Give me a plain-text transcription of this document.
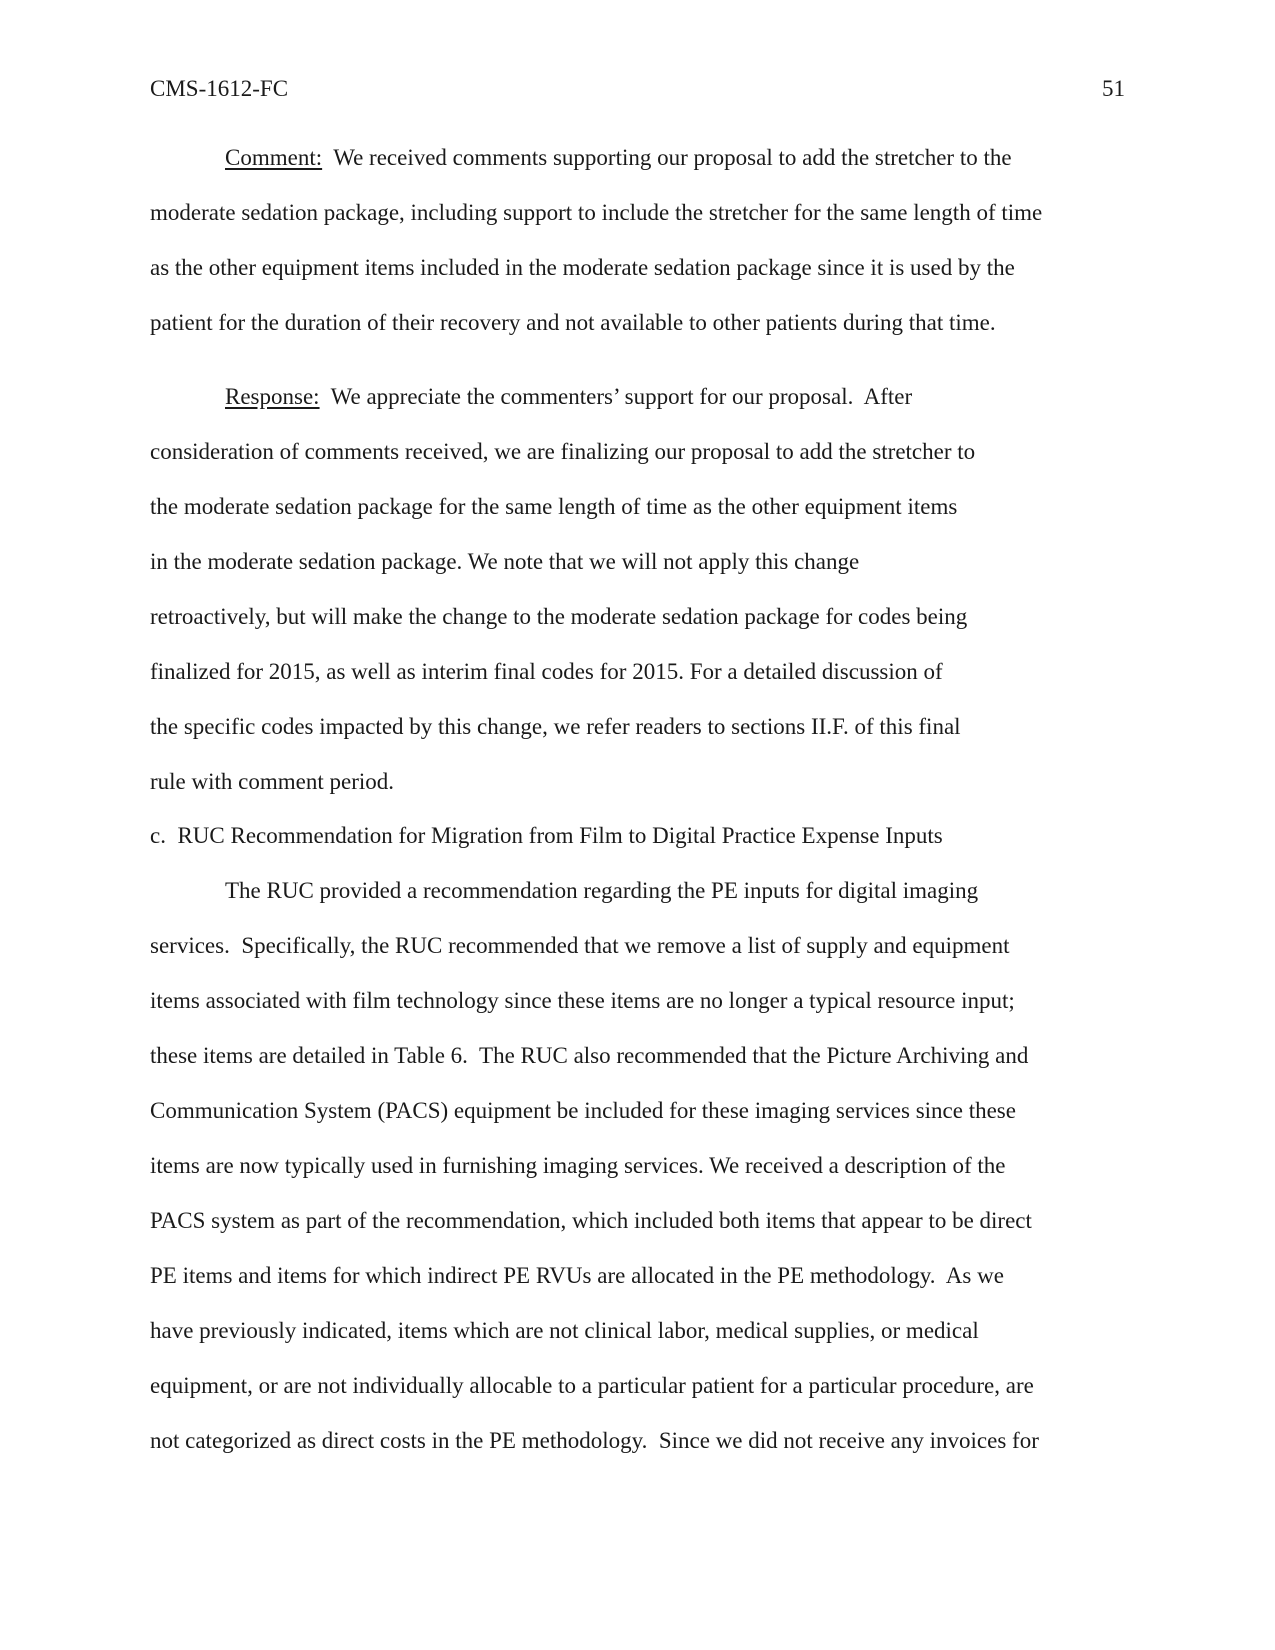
CMS-1612-FC	51
Comment:  We received comments supporting our proposal to add the stretcher to the
moderate sedation package, including support to include the stretcher for the same length of time
as the other equipment items included in the moderate sedation package since it is used by the
patient for the duration of their recovery and not available to other patients during that time.
Response:  We appreciate the commenters’ support for our proposal.  After
consideration of comments received, we are finalizing our proposal to add the stretcher to
the moderate sedation package for the same length of time as the other equipment items
in the moderate sedation package. We note that we will not apply this change
retroactively, but will make the change to the moderate sedation package for codes being
finalized for 2015, as well as interim final codes for 2015. For a detailed discussion of
the specific codes impacted by this change, we refer readers to sections II.F. of this final
rule with comment period.
c.  RUC Recommendation for Migration from Film to Digital Practice Expense Inputs
The RUC provided a recommendation regarding the PE inputs for digital imaging
services.  Specifically, the RUC recommended that we remove a list of supply and equipment
items associated with film technology since these items are no longer a typical resource input;
these items are detailed in Table 6.  The RUC also recommended that the Picture Archiving and
Communication System (PACS) equipment be included for these imaging services since these
items are now typically used in furnishing imaging services. We received a description of the
PACS system as part of the recommendation, which included both items that appear to be direct
PE items and items for which indirect PE RVUs are allocated in the PE methodology.  As we
have previously indicated, items which are not clinical labor, medical supplies, or medical
equipment, or are not individually allocable to a particular patient for a particular procedure, are
not categorized as direct costs in the PE methodology.  Since we did not receive any invoices for
